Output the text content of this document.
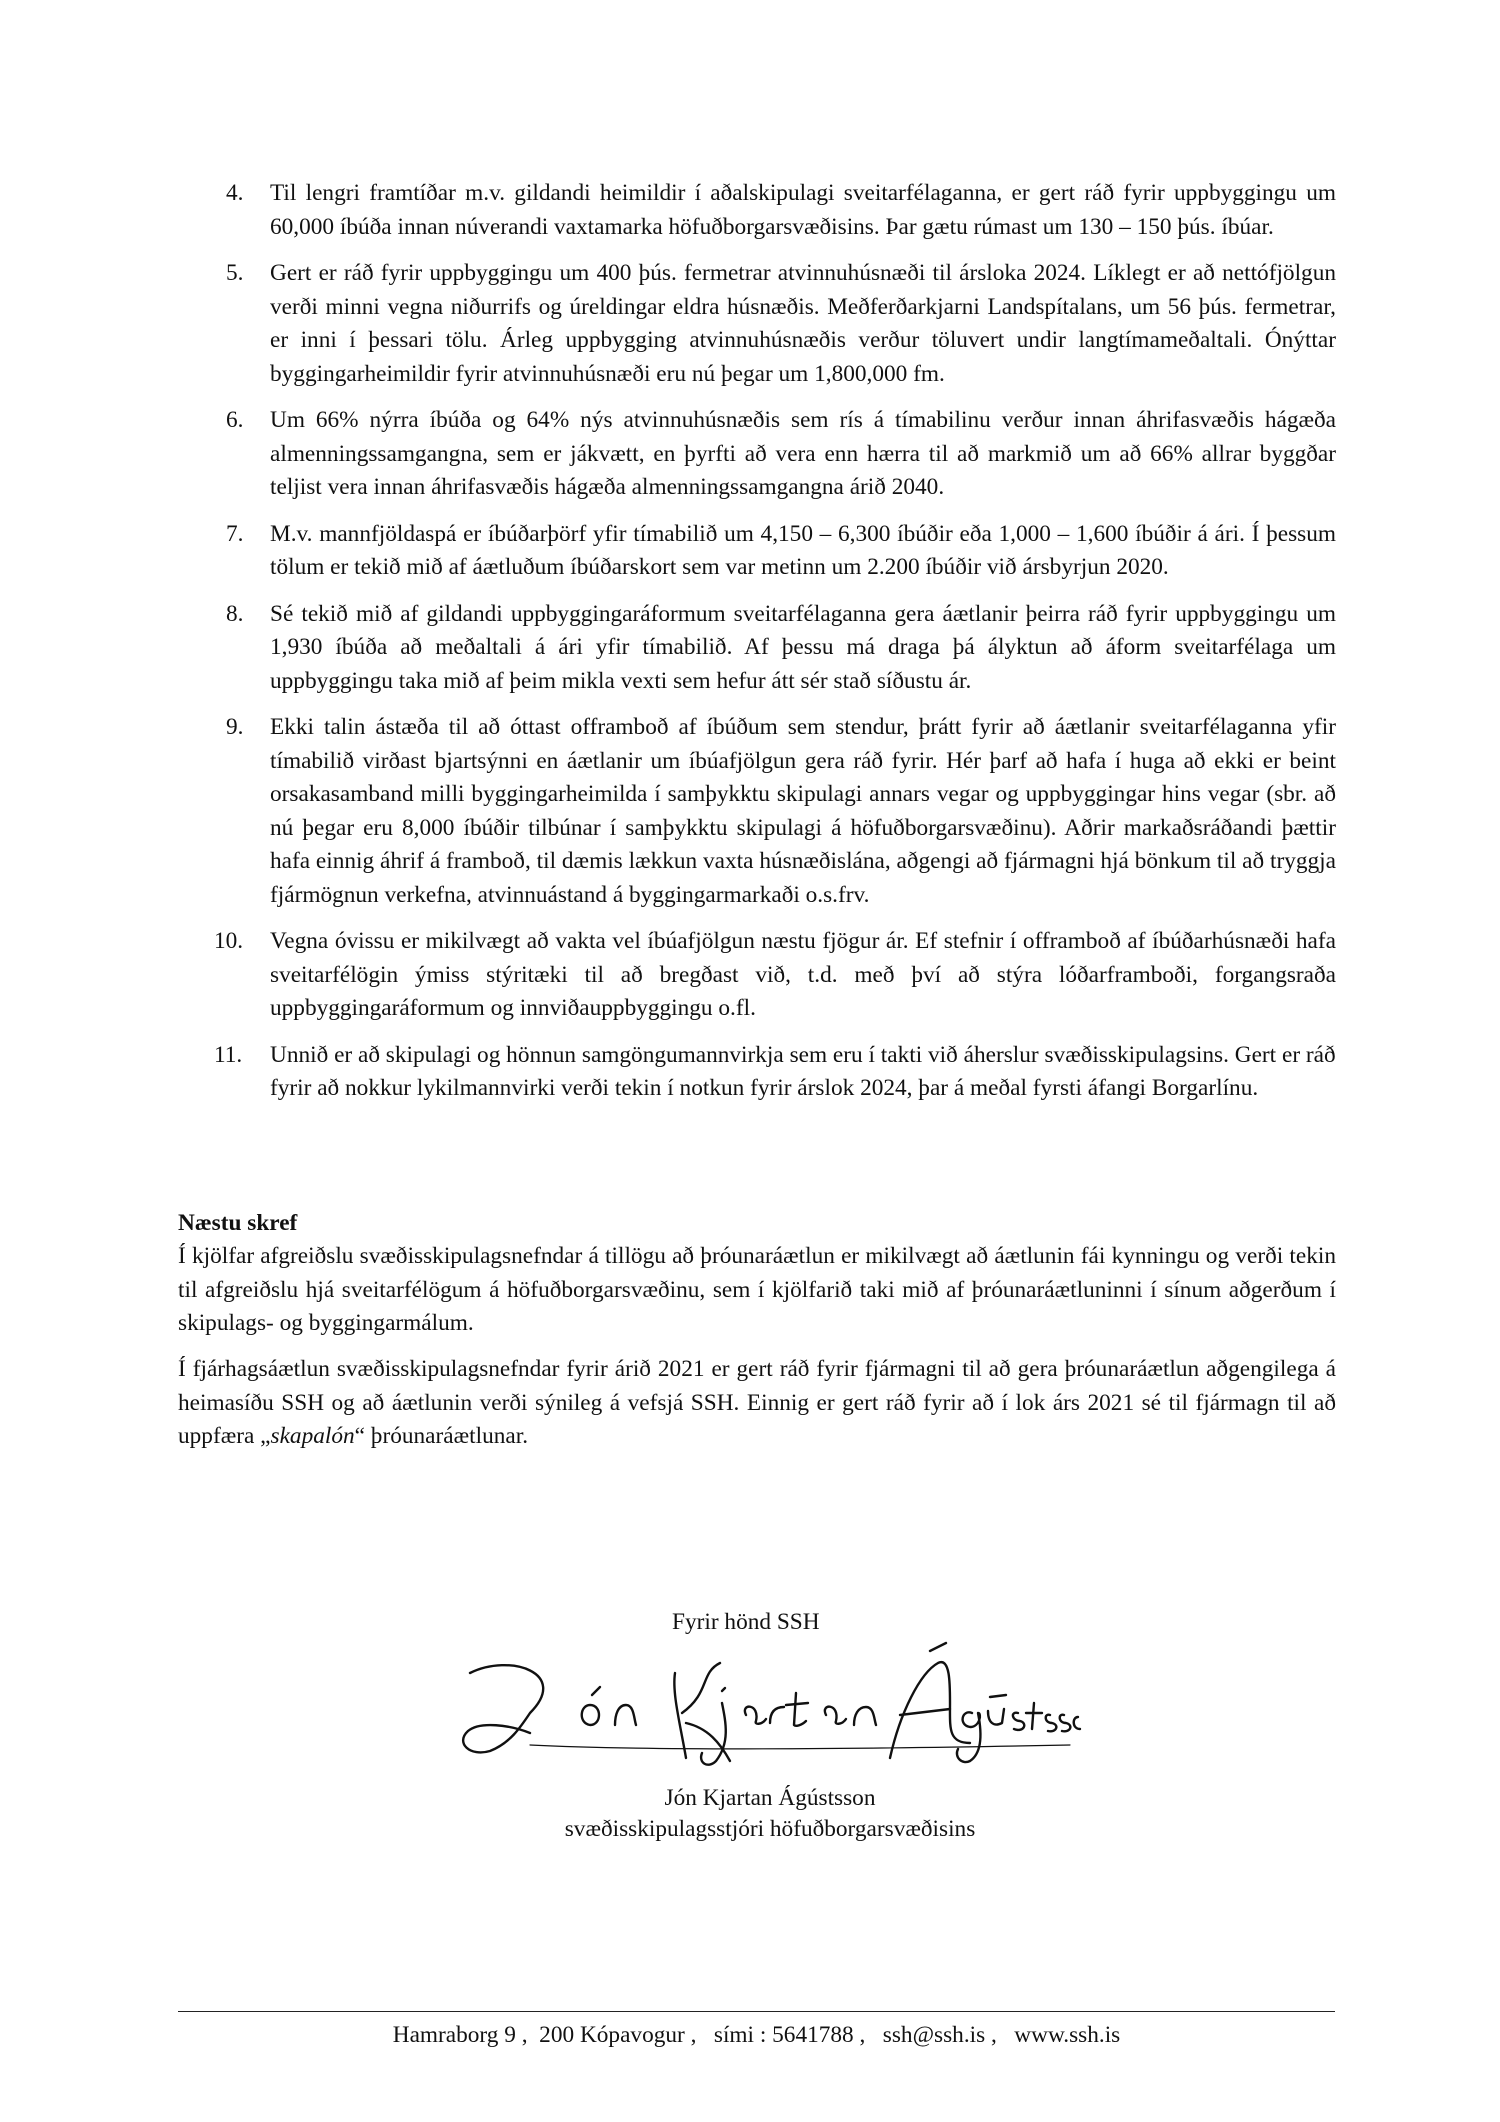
4. Til lengri framtíðar m.v. gildandi heimildir í aðalskipulagi sveitarfélaganna, er gert ráð fyrir uppbyggingu um 60,000 íbúða innan núverandi vaxtamarka höfuðborgarsvæðisins. Þar gætu rúmast um 130 – 150 þús. íbúar.
5. Gert er ráð fyrir uppbyggingu um 400 þús. fermetrar atvinnuhúsnæði til ársloka 2024. Líklegt er að nettófjölgun verði minni vegna niðurrifs og úreldingar eldra húsnæðis. Meðferðarkjarni Landspítalans, um 56 þús. fermetrar, er inni í þessari tölu. Árleg uppbygging atvinnuhúsnæðis verður töluvert undir langtímameðaltali. Ónýttar byggingarheimildir fyrir atvinnuhúsnæði eru nú þegar um 1,800,000 fm.
6. Um 66% nýrra íbúða og 64% nýs atvinnuhúsnæðis sem rís á tímabilinu verður innan áhrifasvæðis hágæða almenningssamgangna, sem er jákvætt, en þyrfti að vera enn hærra til að markmið um að 66% allrar byggðar teljist vera innan áhrifasvæðis hágæða almenningssamgangna árið 2040.
7. M.v. mannfjöldaspá er íbúðarþörf yfir tímabilið um 4,150 – 6,300 íbúðir eða 1,000 – 1,600 íbúðir á ári. Í þessum tölum er tekið mið af áætluðum íbúðarskort sem var metinn um 2.200 íbúðir við ársbyrjun 2020.
8. Sé tekið mið af gildandi uppbyggingaráformum sveitarfélaganna gera áætlanir þeirra ráð fyrir uppbyggingu um 1,930 íbúða að meðaltali á ári yfir tímabilið. Af þessu má draga þá ályktun að áform sveitarfélaga um uppbyggingu taka mið af þeim mikla vexti sem hefur átt sér stað síðustu ár.
9. Ekki talin ástæða til að óttast offramboð af íbúðum sem stendur, þrátt fyrir að áætlanir sveitarfélaganna yfir tímabilið virðast bjartsýnni en áætlanir um íbúafjölgun gera ráð fyrir. Hér þarf að hafa í huga að ekki er beint orsakasamband milli byggingarheimilda í samþykktu skipulagi annars vegar og uppbyggingar hins vegar (sbr. að nú þegar eru 8,000 íbúðir tilbúnar í samþykktu skipulagi á höfuðborgarsvæðinu). Aðrir markaðsráðandi þættir hafa einnig áhrif á framboð, til dæmis lækkun vaxta húsnæðislána, aðgengi að fjármagni hjá bönkum til að tryggja fjármögnun verkefna, atvinnuástand á byggingarmarkaði o.s.frv.
10. Vegna óvissu er mikilvægt að vakta vel íbúafjölgun næstu fjögur ár. Ef stefnir í offramboð af íbúðarhúsnæði hafa sveitarfélögin ýmiss stýritæki til að bregðast við, t.d. með því að stýra lóðarframboði, forgangsraða uppbyggingaráformum og innviðauppbyggingu o.fl.
11. Unnið er að skipulagi og hönnun samgöngumannvirkja sem eru í takti við áherslur svæðisskipulagsins. Gert er ráð fyrir að nokkur lykilmannvirki verði tekin í notkun fyrir árslok 2024, þar á meðal fyrsti áfangi Borgarlínu.
Næstu skref
Í kjölfar afgreiðslu svæðisskipulagsnefndar á tillögu að þróunaráætlun er mikilvægt að áætlunin fái kynningu og verði tekin til afgreiðslu hjá sveitarfélögum á höfuðborgarsvæðinu, sem í kjölfarið taki mið af þróunaráætluninni í sínum aðgerðum í skipulags- og byggingarmálum.
Í fjárhagsáætlun svæðisskipulagsnefndar fyrir árið 2021 er gert ráð fyrir fjármagni til að gera þróunaráætlun aðgengilega á heimasíðu SSH og að áætlunin verði sýnileg á vefsjá SSH. Einnig er gert ráð fyrir að í lok árs 2021 sé til fjármagn til að uppfæra „skapalón“ þróunaráætlunar.
Fyrir hönd SSH
Jón Kjartan Ágústsson
svæðisskipulagsstjóri höfuðborgarsvæðisins
Hamraborg 9 ,  200 Kópavogur ,   sími : 5641788 ,   ssh@ssh.is ,   www.ssh.is
